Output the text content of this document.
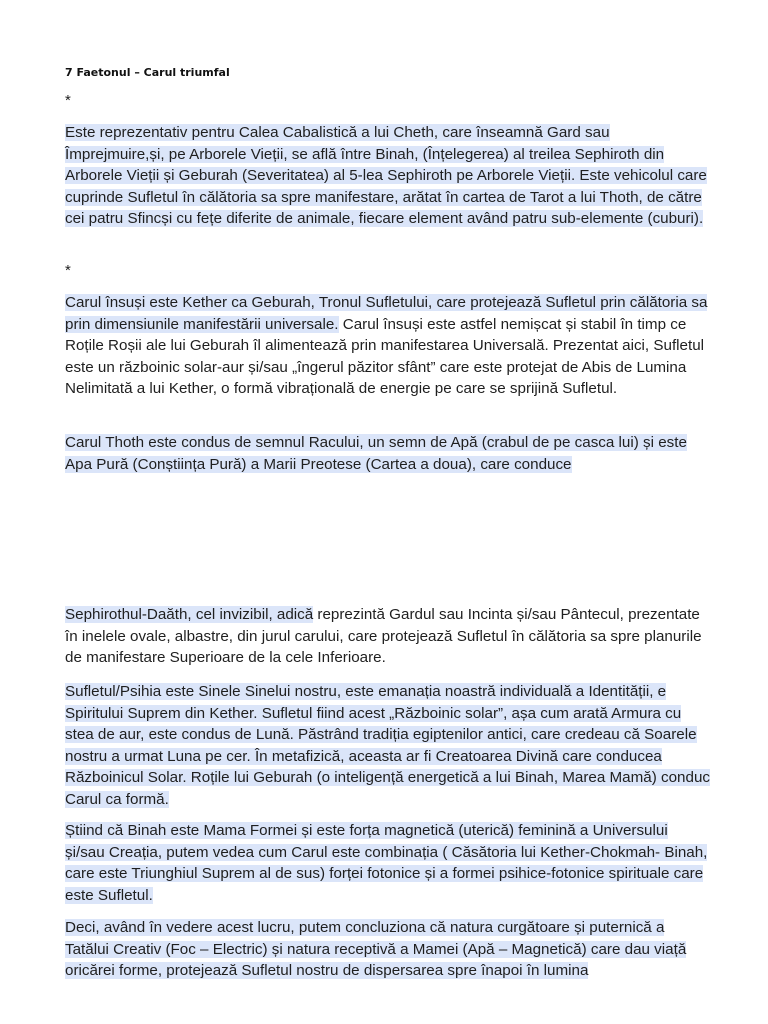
7 Faetonul – Carul triumfal
*

Este reprezentativ pentru Calea Cabalistică a lui Cheth, care înseamnă Gard sau Împrejmuire,și, pe Arborele Vieții, se află între Binah, (Înțelegerea) al treilea Sephiroth din Arborele Vieții și Geburah (Severitatea) al 5-lea Sephiroth pe Arborele Vieții. Este vehicolul care cuprinde Sufletul în călătoria sa spre manifestare, arătat în cartea de Tarot a lui Thoth, de către cei patru Sfincși cu fețe diferite de animale, fiecare element având patru sub-elemente (cuburi).

*

Carul însuși este Kether ca Geburah, Tronul Sufletului, care protejează Sufletul prin călătoria sa prin dimensiunile manifestării universale. Carul însuși este astfel nemișcat și stabil în timp ce Roțile Roșii ale lui Geburah îl alimentează prin manifestarea Universală. Prezentat aici, Sufletul este un războinic solar-aur și/sau „îngerul păzitor sfânt” care este protejat de Abis de Lumina Nelimitată a lui Kether, o formă vibrațională de energie pe care se sprijină Sufletul.

Carul Thoth este condus de semnul Racului, un semn de Apă (crabul de pe casca lui) și este Apa Pură (Conștiința Pură) a Marii Preotese (Cartea a doua), care conduce

Sephirothul-Daăth, cel invizibil, adică reprezintă Gardul sau Incinta și/sau Pântecul, prezentate în inelele ovale, albastre, din jurul carului, care protejează Sufletul în călătoria sa spre planurile de manifestare Superioare de la cele Inferioare.

Sufletul/Psihia este Sinele Sinelui nostru, este emanația noastră individuală a Identității, e Spiritului Suprem din Kether. Sufletul fiind acest „Războinic solar”, așa cum arată Armura cu stea de aur, este condus de Lună. Păstrând tradiția egiptenilor antici, care credeau că Soarele nostru a urmat Luna pe cer. În metafizică, aceasta ar fi Creatoarea Divină care conducea Războinicul Solar. Roțile lui Geburah (o inteligență energetică a lui Binah, Marea Mamă) conduc Carul ca formă.

Știind că Binah este Mama Formei și este forța magnetică (uterică) feminină a Universului și/sau Creația, putem vedea cum Carul este combinația ( Căsătoria lui Kether-Chokmah- Binah, care este Triunghiul Suprem al de sus) forței fotonice și a formei psihice-fotonice spirituale care este Sufletul.

Deci, având în vedere acest lucru, putem concluziona că natura curgătoare și puternică a Tatălui Creativ (Foc – Electric) și natura receptivă a Mamei (Apă – Magnetică) care dau viață oricărei forme, protejează Sufletul nostru de dispersarea spre înapoi în lumina
